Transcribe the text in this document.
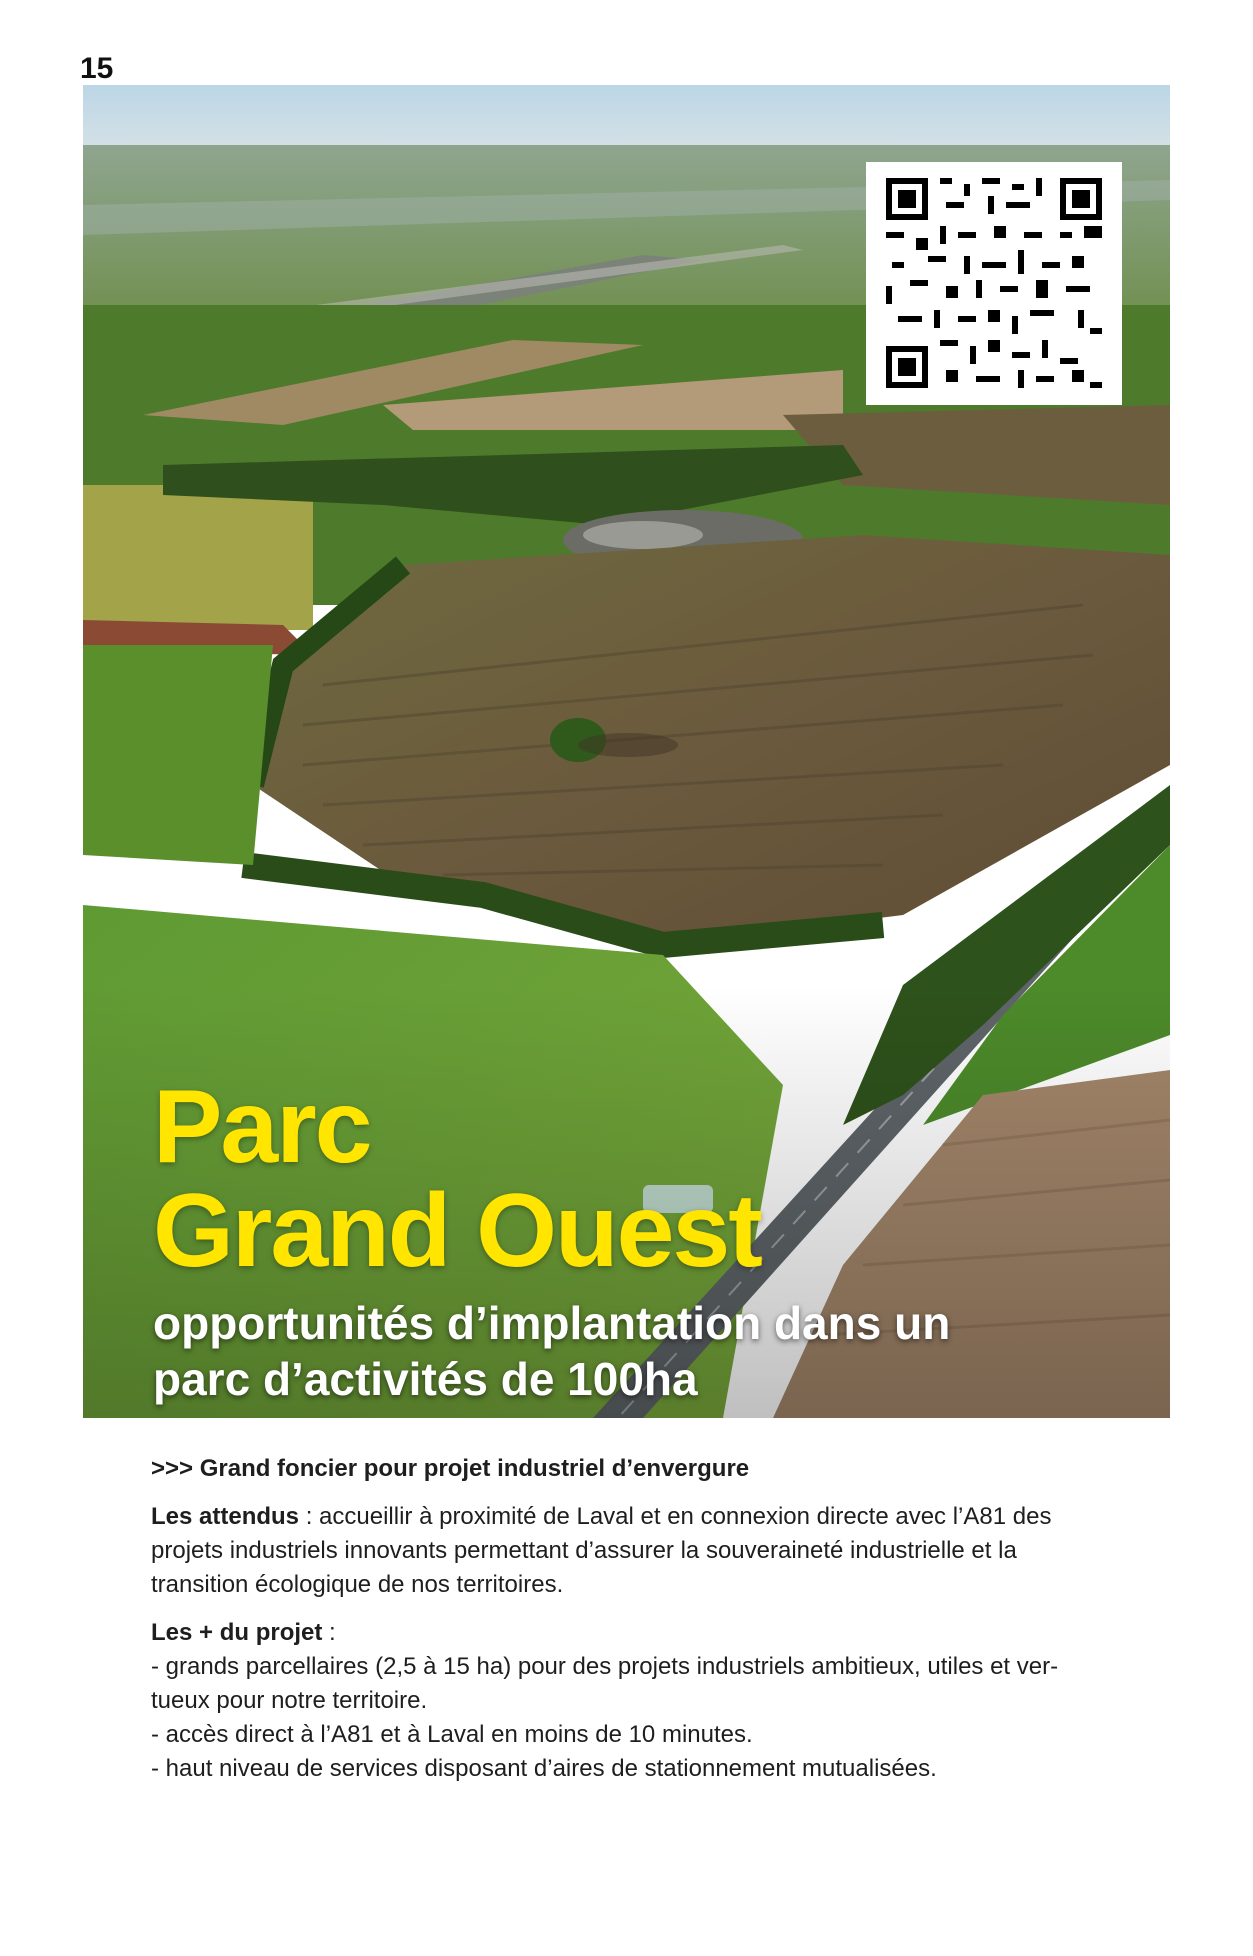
15
Parc
Grand Ouest

opportunités d’implantation dans un
parc d’activités de 100ha

>>> Grand foncier pour projet industriel d’envergure

Les attendus : accueillir à proximité de Laval et en connexion directe avec l’A81 des
projets industriels innovants permettant d’assurer la souveraineté industrielle et la
transition écologique de nos territoires.

Les + du projet :
- grands parcellaires (2,5 à 15 ha) pour des projets industriels ambitieux, utiles et ver-
tueux pour notre territoire.
- accès direct à l’A81 et à Laval en moins de 10 minutes.
- haut niveau de services disposant d’aires de stationnement mutualisées.
